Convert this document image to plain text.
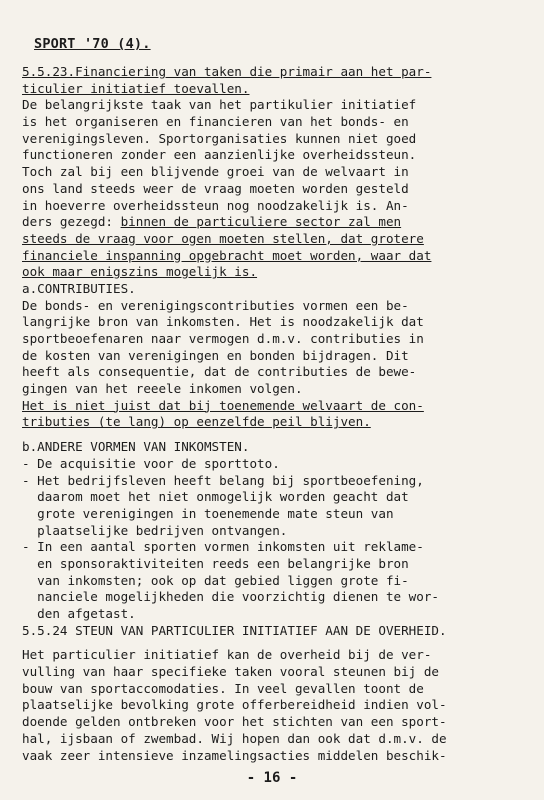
SPORT '70 (4).
5.5.23.Financiering van taken die primair aan het par-
ticulier initiatief toevallen.
De belangrijkste taak van het partikulier initiatief
is het organiseren en financieren van het bonds- en
verenigingsleven. Sportorganisaties kunnen niet goed
functioneren zonder een aanzienlijke overheidssteun.
Toch zal bij een blijvende groei van de welvaart in
ons land steeds weer de vraag moeten worden gesteld
in hoeverre overheidssteun nog noodzakelijk is. An-
ders gezegd: binnen de particuliere sector zal men
steeds de vraag voor ogen moeten stellen, dat grotere
financiele inspanning opgebracht moet worden, waar dat
ook maar enigszins mogelijk is.
a.CONTRIBUTIES.
De bonds- en verenigingscontributies vormen een be-
langrijke bron van inkomsten. Het is noodzakelijk dat
sportbeoefenaren naar vermogen d.m.v. contributies in
de kosten van verenigingen en bonden bijdragen. Dit
heeft als consequentie, dat de contributies de bewe-
gingen van het reeele inkomen volgen.
Het is niet juist dat bij toenemende welvaart de con-
tributies (te lang) op eenzelfde peil blijven.
b.ANDERE VORMEN VAN INKOMSTEN.
- De acquisitie voor de sporttoto.
- Het bedrijfsleven heeft belang bij sportbeoefening,
daarom moet het niet onmogelijk worden geacht dat
grote verenigingen in toenemende mate steun van
plaatselijke bedrijven ontvangen.
- In een aantal sporten vormen inkomsten uit reklame-
en sponsoraktiviteiten reeds een belangrijke bron
van inkomsten; ook op dat gebied liggen grote fi-
nanciele mogelijkheden die voorzichtig dienen te wor-
den afgetast.
5.5.24 STEUN VAN PARTICULIER INITIATIEF AAN DE OVERHEID.
Het particulier initiatief kan de overheid bij de ver-
vulling van haar specifieke taken vooral steunen bij de
bouw van sportaccomodaties. In veel gevallen toont de
plaatselijke bevolking grote offerbereidheid indien vol-
doende gelden ontbreken voor het stichten van een sport-
hal, ijsbaan of zwembad. Wij hopen dan ook dat d.m.v. de
vaak zeer intensieve inzamelingsacties middelen beschik-
- 16 -
